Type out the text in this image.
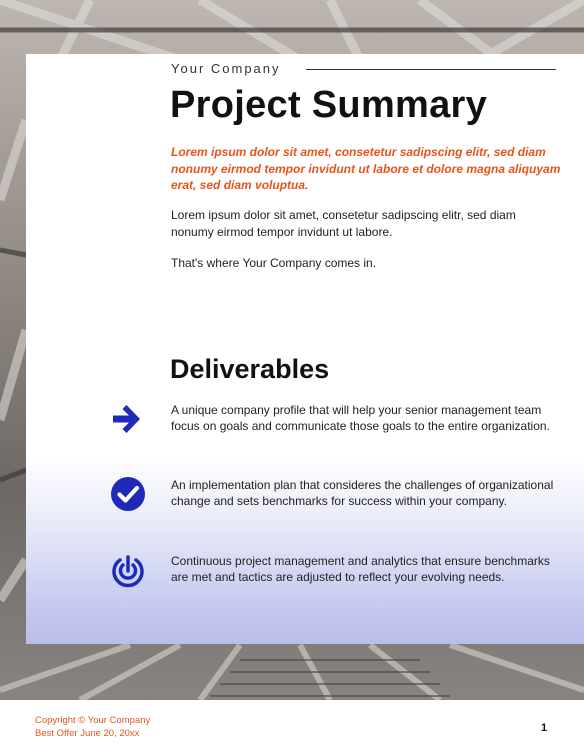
Your Company
Project Summary

Lorem ipsum dolor sit amet, consetetur sadipscing elitr, sed diam nonumy eirmod tempor invidunt ut labore et dolore magna aliquyam erat, sed diam voluptua.

Lorem ipsum dolor sit amet, consetetur sadipscing elitr, sed diam nonumy eirmod tempor invidunt ut labore.

That's where Your Company comes in.

Deliverables

A unique company profile that will help your senior management team focus on goals and communicate those goals to the entire organization.

An implementation plan that consideres the challenges of organizational change and sets benchmarks for success within your company.

Continuous project management and analytics that ensure benchmarks are met and tactics are adjusted to reflect your evolving needs.

Copyright © Your Company
Best Offer June 20, 20xx	1
